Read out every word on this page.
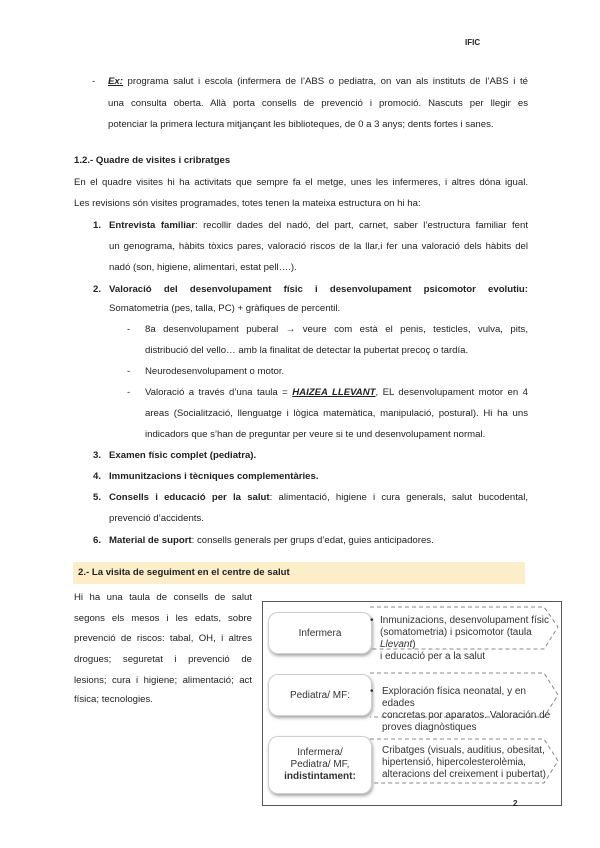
IFIC
- Ex: programa salut i escola (infermera de l’ABS o pediatra, on van als instituts de l’ABS i té
una consulta oberta. Allà porta consells de prevenció i promoció. Nascuts per llegir es
potenciar la primera lectura mitjançant les biblioteques, de 0 a 3 anys; dents fortes i sanes.
1.2.- Quadre de visites i cribratges
En el quadre visites hi ha activitats que sempre fa el metge, unes les infermeres, i altres dóna igual.
Les revisions són visites programades, totes tenen la mateixa estructura on hi ha:
1. Entrevista familiar: recollir dades del nadó, del part, carnet, saber l’estructura familiar fent
un genograma, hàbits tòxics pares, valoració riscos de la llar,i fer una valoració dels hàbits del
nadó (son, higiene, alimentari, estat pell….).
2. Valoració del desenvolupament físic i desenvolupament psicomotor evolutiu:
Somatometria (pes, talla, PC) + gràfiques de percentil.
- 8a desenvolupament puberal → veure com està el penis, testicles, vulva, pits,
distribució del vello… amb la finalitat de detectar la pubertat precoç o tardía.
- Neurodesenvolupament o motor.
- Valoració a través d’una taula = HAIZEA LLEVANT, EL desenvolupament motor en 4
areas (Socialització, llenguatge i lògica matemàtica, manipulació, postural). Hi ha uns
indicadors que s’han de preguntar per veure si te und desenvolupament normal.
3. Examen físic complet (pediatra).
4. Immunitzacions i tècniques complementàries.
5. Consells i educació per la salut: alimentació, higiene i cura generals, salut bucodental,
prevenció d’accidents.
6. Material de suport: consells generals per grups d’edat, guies anticipadores.
2.- La visita de seguiment en el centre de salut
Hi ha una taula de consells de salut
segons els mesos i les edats, sobre
prevenció de riscos: tabal, OH, i altres
drogues; seguretat i prevenció de
lesions; cura i higiene; alimentació; act
física; tecnologies.
Infermera
Pediatra/ MF:
Infermera/
Pediatra/ MF,
indistintament:
• Inmunizacions, desenvolupament físic
(somatometria) i psicomotor (taula Llevant)
i educació per a la salut
• Exploración física neonatal, y en edades
concretas por aparatos. Valoración de
proves diagnòstiques
Cribatges (visuals, auditius, obesitat,
hipertensió, hipercolesterolèmia,
alteracions del creixement i pubertat)
2
